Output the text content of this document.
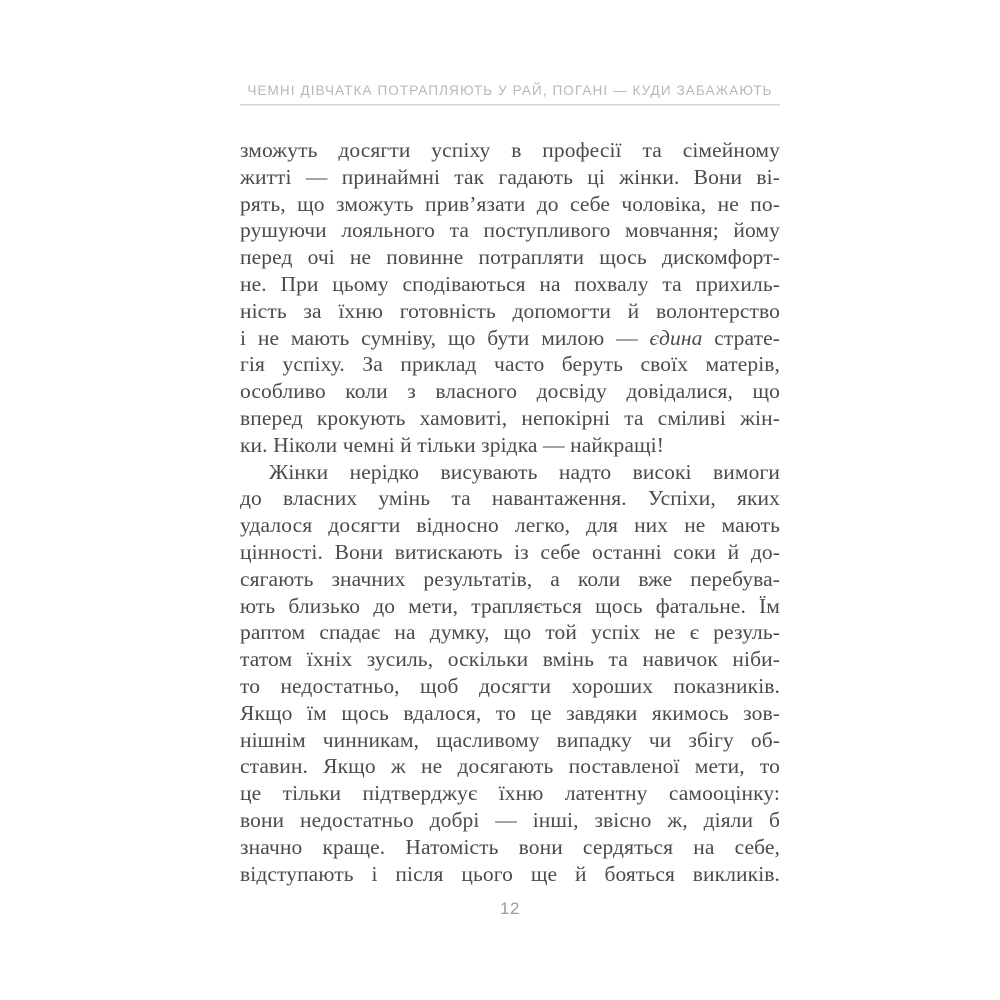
ЧЕМНІ ДІВЧАТКА ПОТРАПЛЯЮТЬ У РАЙ, ПОГАНІ — КУДИ ЗАБАЖАЮТЬ
зможуть досягти успіху в професії та сімейному
житті — принаймні так гадають ці жінки. Вони ві-
рять, що зможуть прив’язати до себе чоловіка, не по-
рушуючи лояльного та поступливого мовчання; йому
перед очі не повинне потрапляти щось дискомфорт-
не. При цьому сподіваються на похвалу та прихиль-
ність за їхню готовність допомогти й волонтерство
і не мають сумніву, що бути милою — єдина страте-
гія успіху. За приклад часто беруть своїх матерів,
особливо коли з власного досвіду довідалися, що
вперед крокують хамовиті, непокірні та сміливі жін-
ки. Ніколи чемні й тільки зрідка — найкращі!
Жінки нерідко висувають надто високі вимоги
до власних умінь та навантаження. Успіхи, яких
удалося досягти відносно легко, для них не мають
цінності. Вони витискають із себе останні соки й до-
сягають значних результатів, а коли вже перебува-
ють близько до мети, трапляється щось фатальне. Їм
раптом спадає на думку, що той успіх не є резуль-
татом їхніх зусиль, оскільки вмінь та навичок ніби-
то недостатньо, щоб досягти хороших показників.
Якщо їм щось вдалося, то це завдяки якимось зов-
нішнім чинникам, щасливому випадку чи збігу об-
ставин. Якщо ж не досягають поставленої мети, то
це тільки підтверджує їхню латентну самооцінку:
вони недостатньо добрі — інші, звісно ж, діяли б
значно краще. Натомість вони сердяться на себе,
відступають і після цього ще й бояться викликів.
12
